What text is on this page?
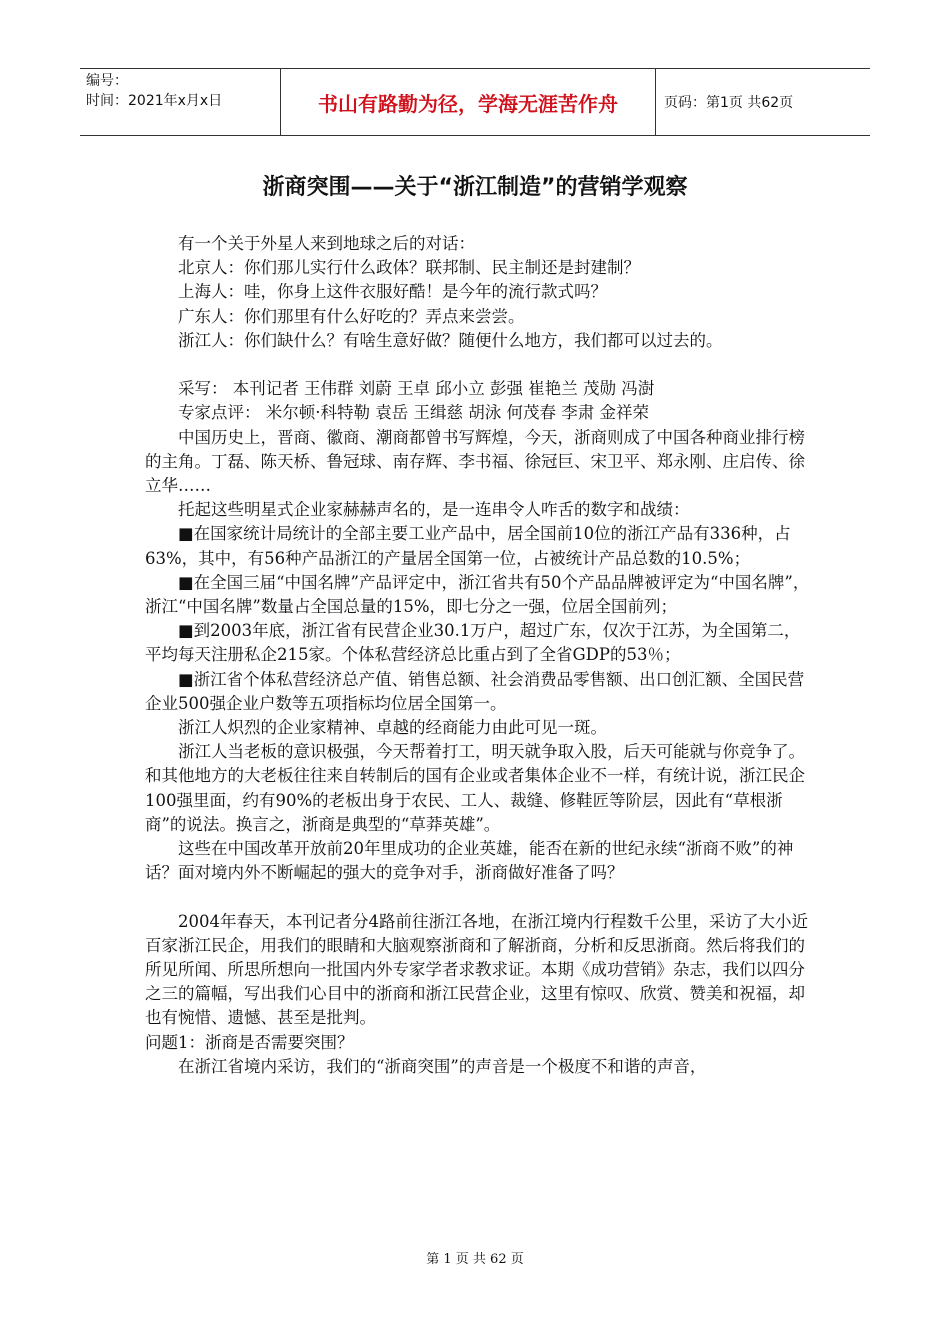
编号：
时间：2021年x月x日	书山有路勤为径，学海无涯苦作舟	页码：第1页 共62页
浙商突围——关于“浙江制造”的营销学观察

有一个关于外星人来到地球之后的对话：

北京人：你们那儿实行什么政体？联邦制、民主制还是封建制？

上海人：哇，你身上这件衣服好酷！是今年的流行款式吗？

广东人：你们那里有什么好吃的？弄点来尝尝。

浙江人：你们缺什么？有啥生意好做？随便什么地方，我们都可以过去的。

采写： 本刊记者 王伟群 刘蔚 王卓 邱小立 彭强 崔艳兰 茂勋 冯澍

专家点评： 米尔顿·科特勒 袁岳 王缉慈 胡泳 何茂春 李肃 金祥荣

中国历史上，晋商、徽商、潮商都曾书写辉煌，今天，浙商则成了中国各种商业排行榜的主角。丁磊、陈天桥、鲁冠球、南存辉、李书福、徐冠巨、宋卫平、郑永刚、庄启传、徐立华……

托起这些明星式企业家赫赫声名的，是一连串令人咋舌的数字和战绩：

■在国家统计局统计的全部主要工业产品中，居全国前10位的浙江产品有336种，占63%，其中，有56种产品浙江的产量居全国第一位，占被统计产品总数的10.5%；

■在全国三届“中国名牌”产品评定中，浙江省共有50个产品品牌被评定为“中国名牌”，浙江“中国名牌”数量占全国总量的15%，即七分之一强，位居全国前列；

■到2003年底，浙江省有民营企业30.1万户，超过广东，仅次于江苏，为全国第二，平均每天注册私企215家。个体私营经济总比重占到了全省GDP的53％；

■浙江省个体私营经济总产值、销售总额、社会消费品零售额、出口创汇额、全国民营企业500强企业户数等五项指标均位居全国第一。

浙江人炽烈的企业家精神、卓越的经商能力由此可见一斑。

浙江人当老板的意识极强，今天帮着打工，明天就争取入股，后天可能就与你竞争了。和其他地方的大老板往往来自转制后的国有企业或者集体企业不一样，有统计说，浙江民企100强里面，约有90%的老板出身于农民、工人、裁缝、修鞋匠等阶层，因此有“草根浙商”的说法。换言之，浙商是典型的“草莽英雄”。

这些在中国改革开放前20年里成功的企业英雄，能否在新的世纪永续“浙商不败”的神话？面对境内外不断崛起的强大的竞争对手，浙商做好准备了吗？

2004年春天，本刊记者分4路前往浙江各地，在浙江境内行程数千公里，采访了大小近百家浙江民企，用我们的眼睛和大脑观察浙商和了解浙商，分析和反思浙商。然后将我们的所见所闻、所思所想向一批国内外专家学者求教求证。本期《成功营销》杂志，我们以四分之三的篇幅，写出我们心目中的浙商和浙江民营企业，这里有惊叹、欣赏、赞美和祝福，却也有惋惜、遗憾、甚至是批判。

问题1：浙商是否需要突围？

在浙江省境内采访，我们的“浙商突围”的声音是一个极度不和谐的声音，

第 1 页 共 62 页
